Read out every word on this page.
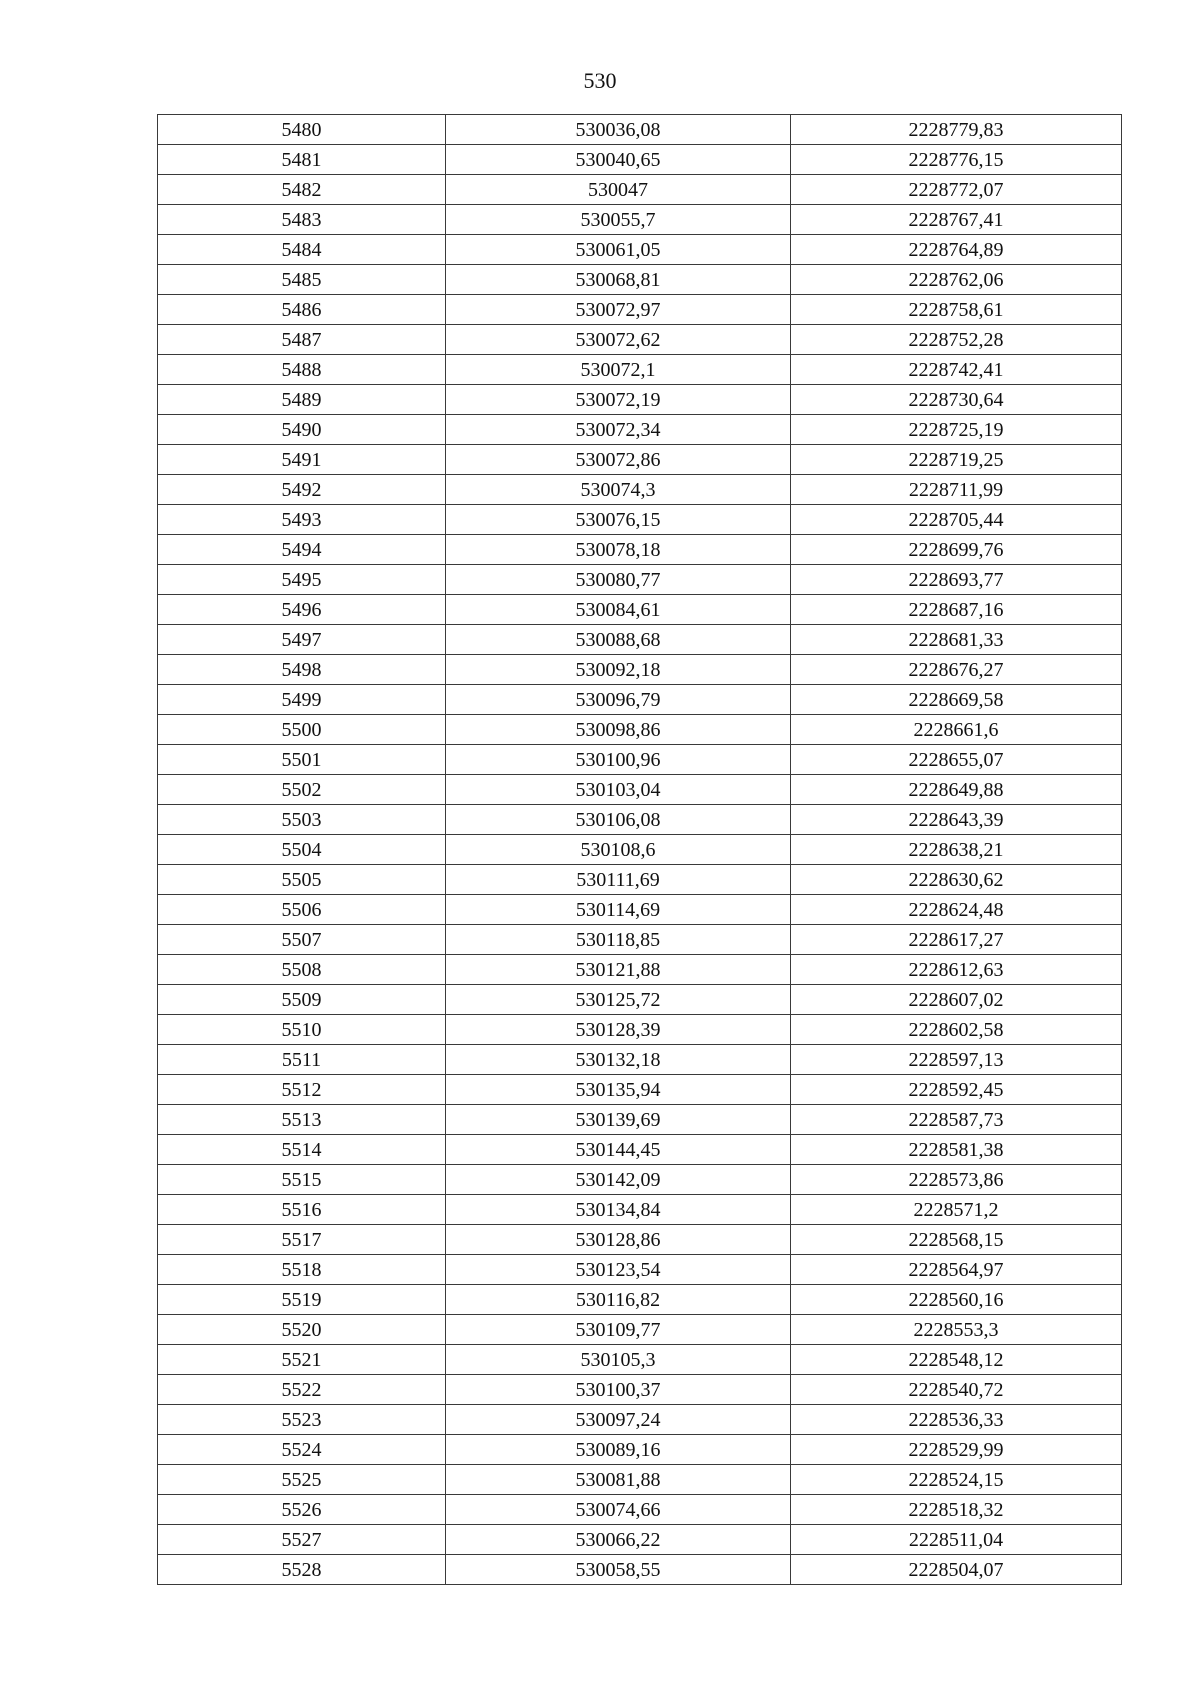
530
5480	530036,08	2228779,83
5481	530040,65	2228776,15
5482	530047	2228772,07
5483	530055,7	2228767,41
5484	530061,05	2228764,89
5485	530068,81	2228762,06
5486	530072,97	2228758,61
5487	530072,62	2228752,28
5488	530072,1	2228742,41
5489	530072,19	2228730,64
5490	530072,34	2228725,19
5491	530072,86	2228719,25
5492	530074,3	2228711,99
5493	530076,15	2228705,44
5494	530078,18	2228699,76
5495	530080,77	2228693,77
5496	530084,61	2228687,16
5497	530088,68	2228681,33
5498	530092,18	2228676,27
5499	530096,79	2228669,58
5500	530098,86	2228661,6
5501	530100,96	2228655,07
5502	530103,04	2228649,88
5503	530106,08	2228643,39
5504	530108,6	2228638,21
5505	530111,69	2228630,62
5506	530114,69	2228624,48
5507	530118,85	2228617,27
5508	530121,88	2228612,63
5509	530125,72	2228607,02
5510	530128,39	2228602,58
5511	530132,18	2228597,13
5512	530135,94	2228592,45
5513	530139,69	2228587,73
5514	530144,45	2228581,38
5515	530142,09	2228573,86
5516	530134,84	2228571,2
5517	530128,86	2228568,15
5518	530123,54	2228564,97
5519	530116,82	2228560,16
5520	530109,77	2228553,3
5521	530105,3	2228548,12
5522	530100,37	2228540,72
5523	530097,24	2228536,33
5524	530089,16	2228529,99
5525	530081,88	2228524,15
5526	530074,66	2228518,32
5527	530066,22	2228511,04
5528	530058,55	2228504,07
